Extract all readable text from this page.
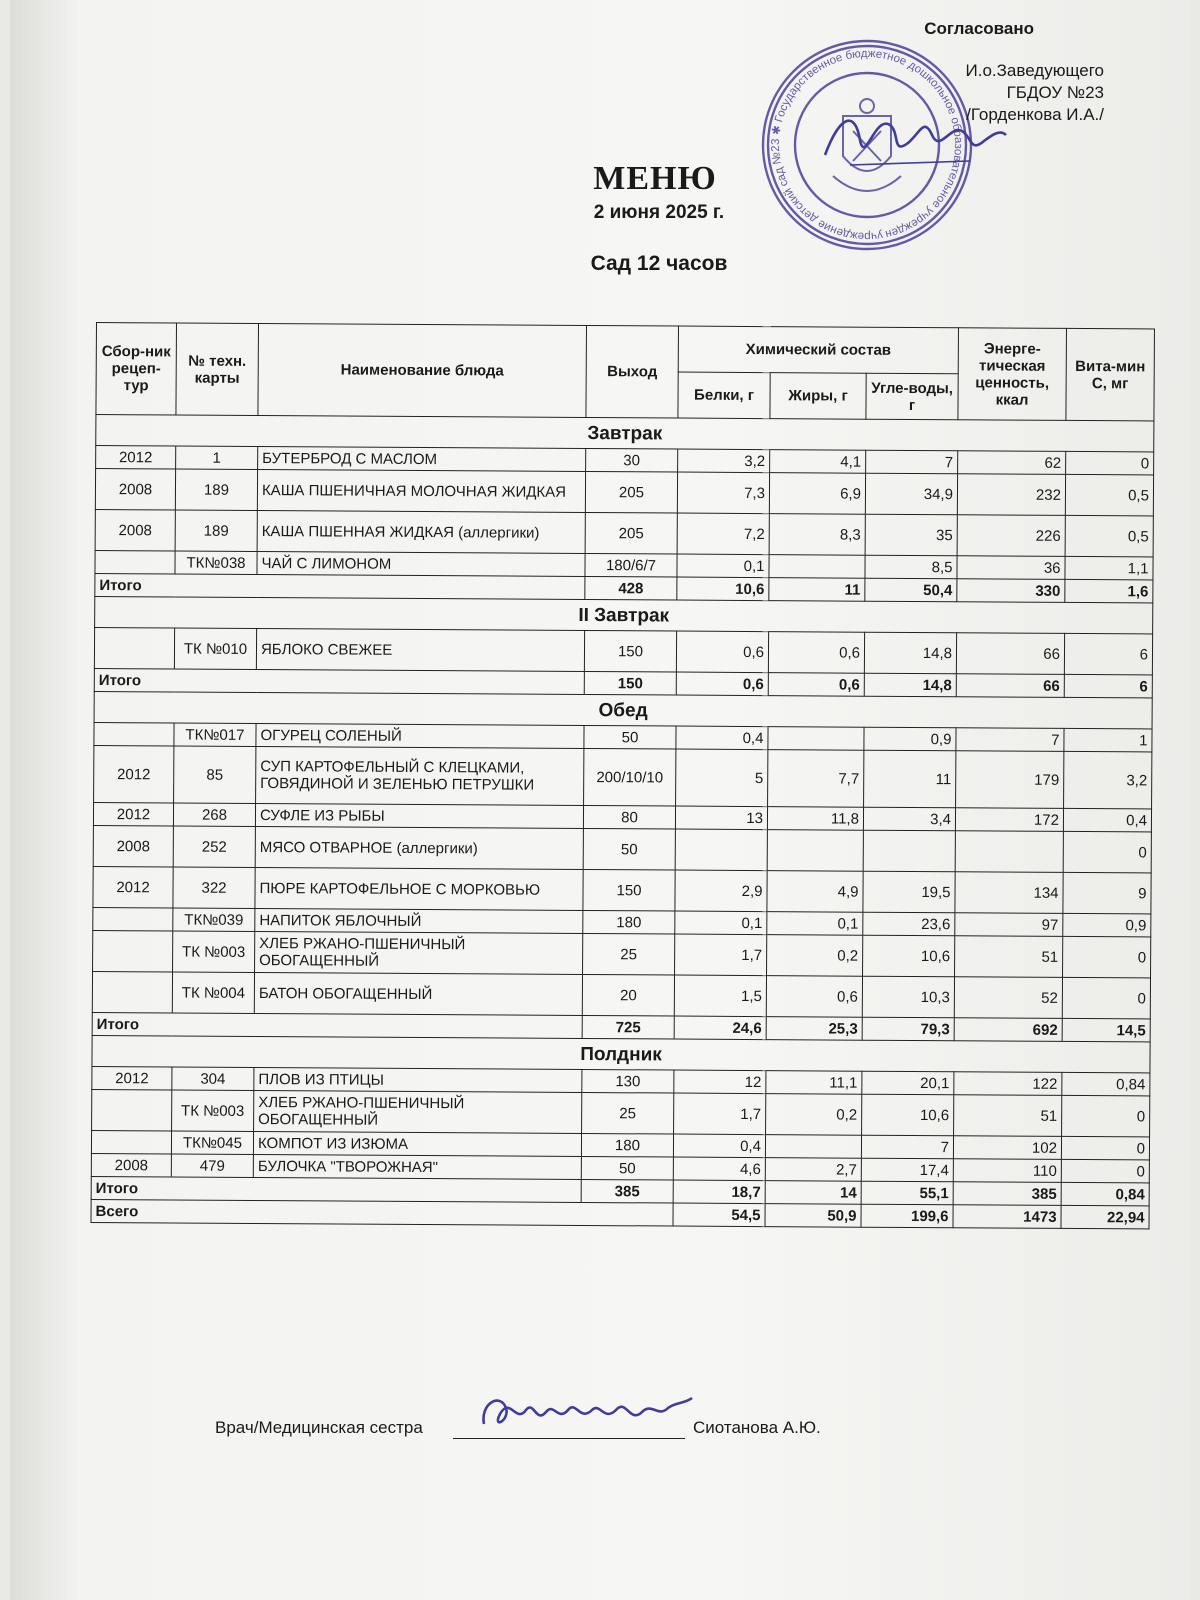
учреждение детский сад №23 ✱ Государственное бюджетное дошкольное образовательное учреждение
Согласовано
И.о.Заведующего
ГБДОУ №23
/Горденкова И.А./
МЕНЮ
2 июня 2025 г.
Сад 12 часов
Сбор-ник рецеп-тур	№ техн. карты	Наименование блюда	Выход	Химический состав			Энерге-тическая ценность, ккал	Вита-мин С, мг
				Белки, г	Жиры, г	Угле-воды, г		
Завтрак								
2012	1	БУТЕРБРОД С МАСЛОМ	30	3,2	4,1	7	62	0
2008	189	КАША ПШЕНИЧНАЯ МОЛОЧНАЯ ЖИДКАЯ	205	7,3	6,9	34,9	232	0,5
2008	189	КАША ПШЕННАЯ ЖИДКАЯ (аллергики)	205	7,2	8,3	35	226	0,5
	ТК№038	ЧАЙ С ЛИМОНОМ	180/6/7	0,1		8,5	36	1,1
Итого			428	10,6	11	50,4	330	1,6
II Завтрак								
	ТК №010	ЯБЛОКО СВЕЖЕЕ	150	0,6	0,6	14,8	66	6
Итого			150	0,6	0,6	14,8	66	6
Обед								
	ТК№017	ОГУРЕЦ СОЛЕНЫЙ	50	0,4		0,9	7	1
2012	85	СУП КАРТОФЕЛЬНЫЙ С КЛЕЦКАМИ, ГОВЯДИНОЙ И ЗЕЛЕНЬЮ ПЕТРУШКИ	200/10/10	5	7,7	11	179	3,2
2012	268	СУФЛЕ ИЗ РЫБЫ	80	13	11,8	3,4	172	0,4
2008	252	МЯСО ОТВАРНОЕ (аллергики)	50					0
2012	322	ПЮРЕ КАРТОФЕЛЬНОЕ С МОРКОВЬЮ	150	2,9	4,9	19,5	134	9
	ТК№039	НАПИТОК ЯБЛОЧНЫЙ	180	0,1	0,1	23,6	97	0,9
	ТК №003	ХЛЕБ РЖАНО-ПШЕНИЧНЫЙ ОБОГАЩЕННЫЙ	25	1,7	0,2	10,6	51	0
	ТК №004	БАТОН ОБОГАЩЕННЫЙ	20	1,5	0,6	10,3	52	0
Итого			725	24,6	25,3	79,3	692	14,5
Полдник								
2012	304	ПЛОВ ИЗ ПТИЦЫ	130	12	11,1	20,1	122	0,84
	ТК №003	ХЛЕБ РЖАНО-ПШЕНИЧНЫЙ ОБОГАЩЕННЫЙ	25	1,7	0,2	10,6	51	0
	ТК№045	КОМПОТ ИЗ ИЗЮМА	180	0,4		7	102	0
2008	479	БУЛОЧКА "ТВОРОЖНАЯ"	50	4,6	2,7	17,4	110	0
Итого			385	18,7	14	55,1	385	0,84
Всего				54,5	50,9	199,6	1473	22,94
Врач/Медицинская сестра	Сиотанова А.Ю.
